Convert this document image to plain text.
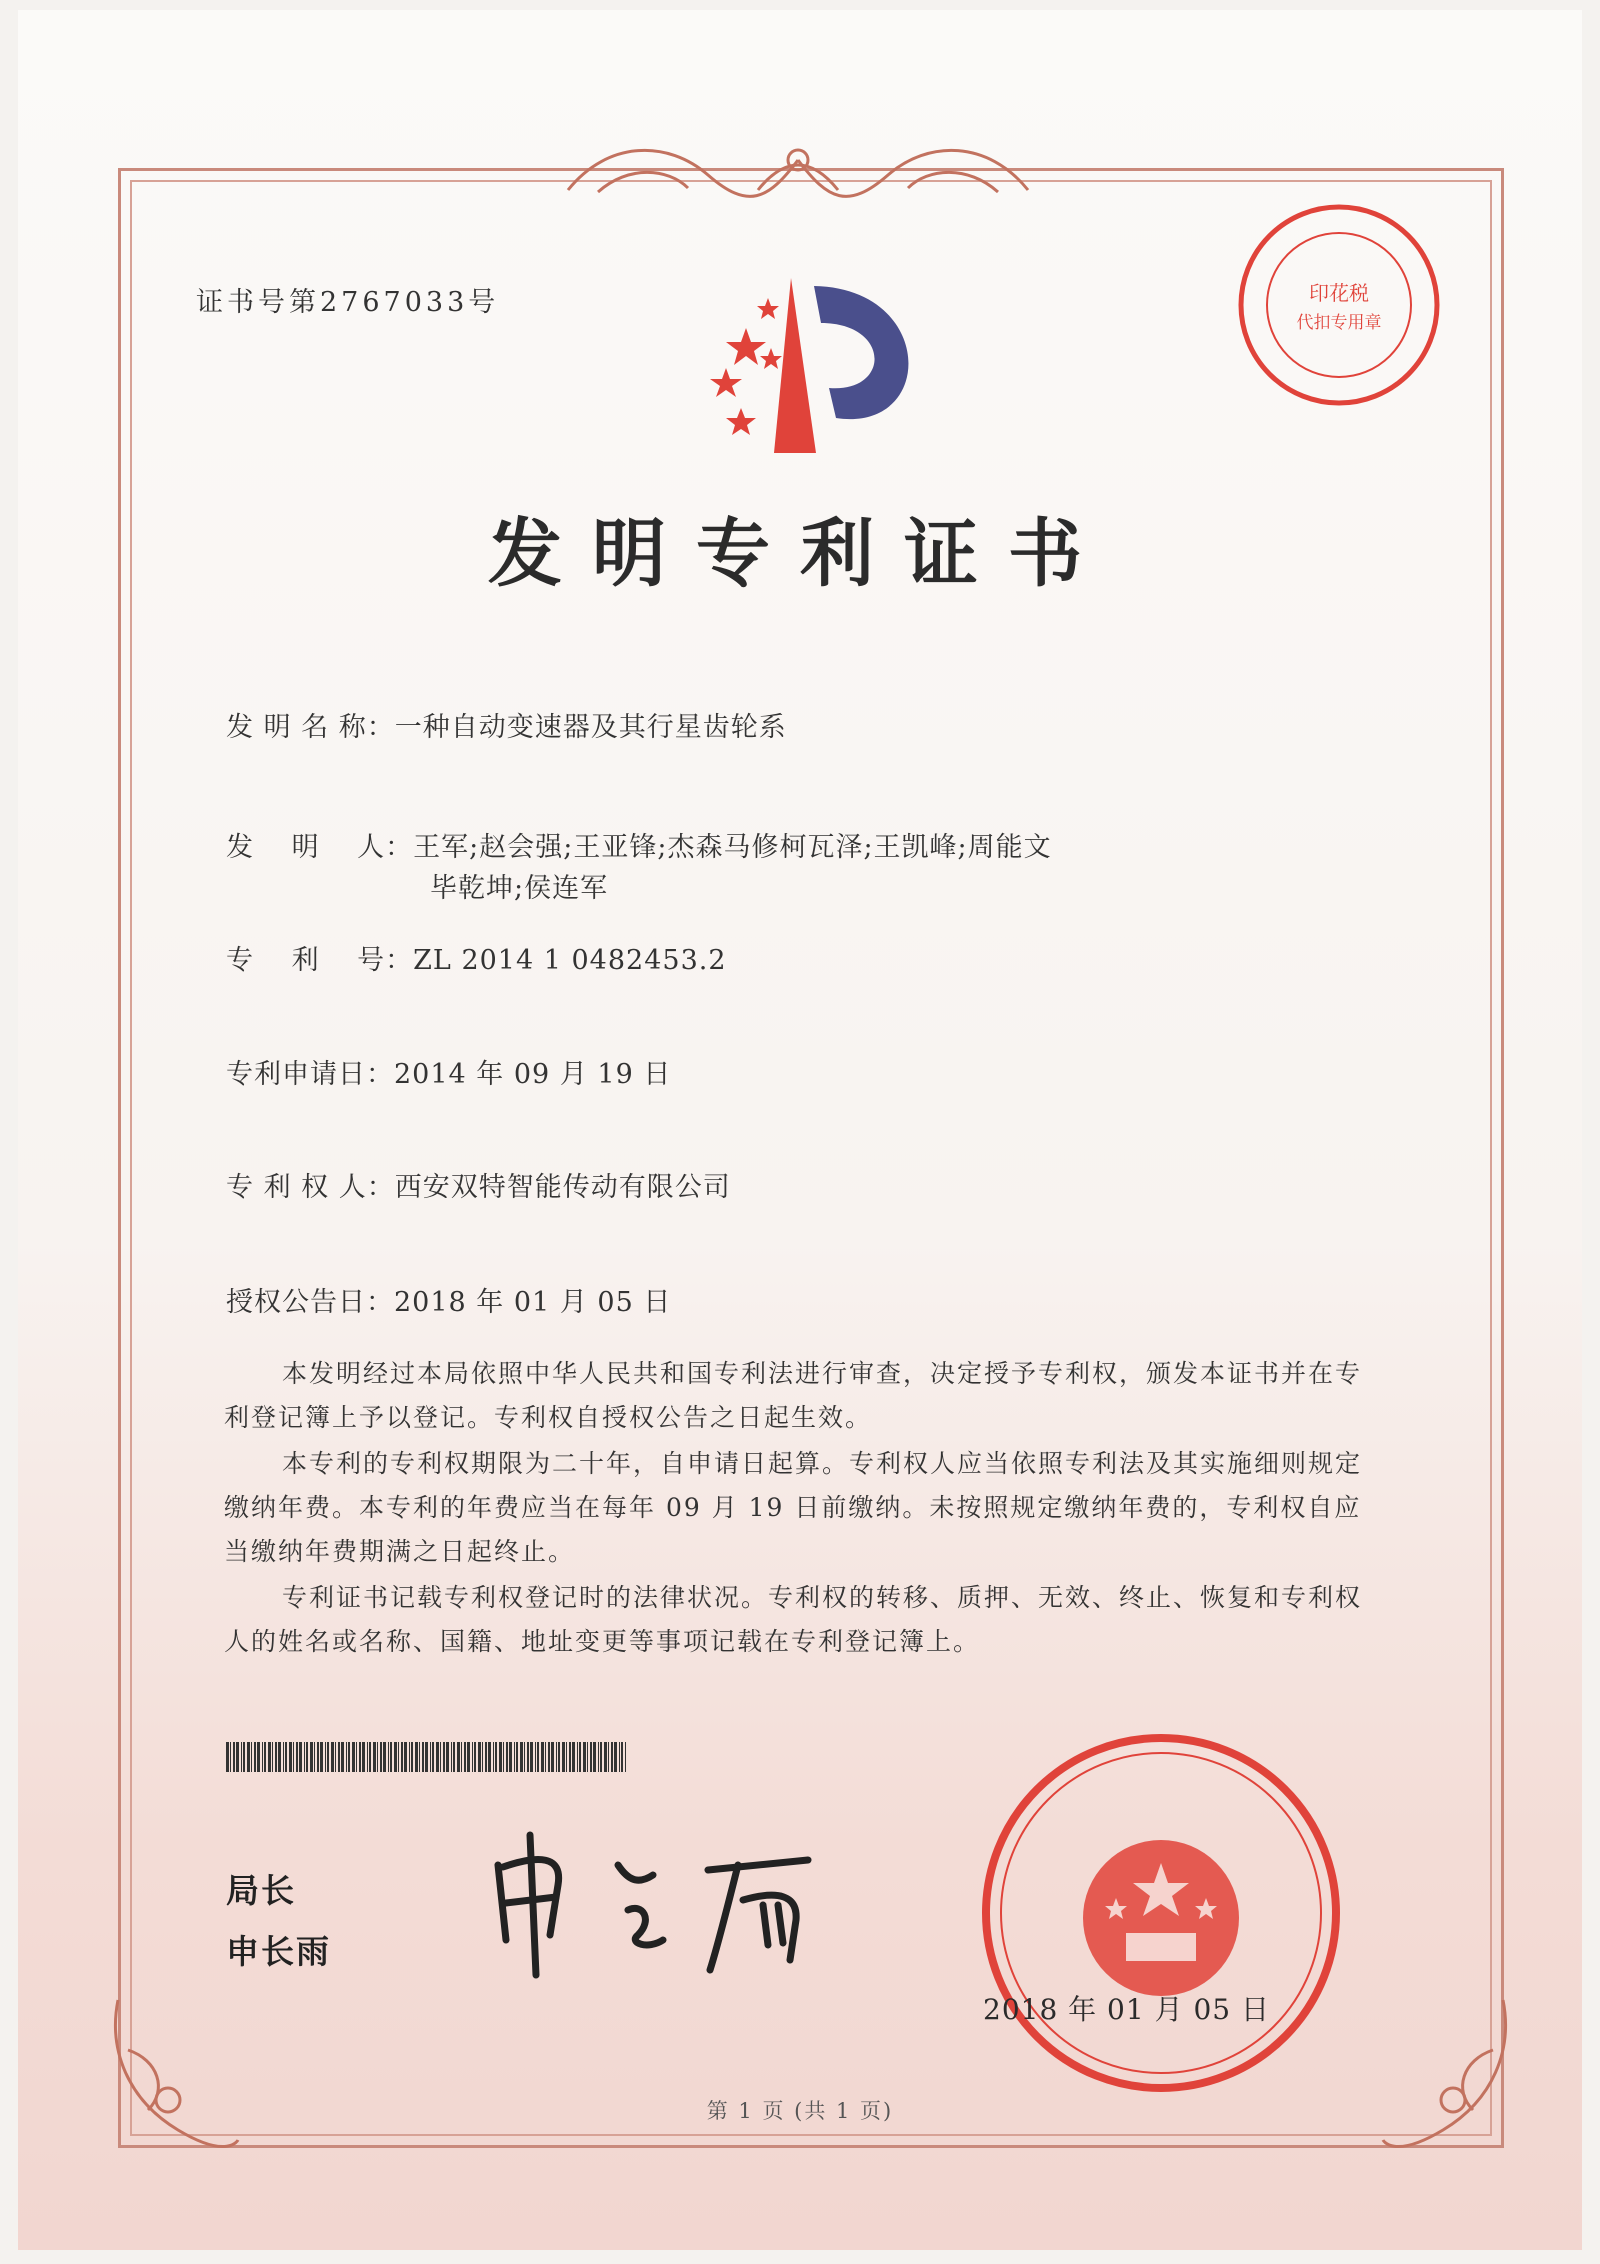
证书号第2767033号	印花税
代扣专用章
发明专利证书
发 明 名 称：一种自动变速器及其行星齿轮系
发　 明　 人：王军;赵会强;王亚锋;杰森马修柯瓦泽;王凯峰;周能文
毕乾坤;侯连军
专　 利　 号：ZL 2014 1 0482453.2
专利申请日：2014 年 09 月 19 日
专 利 权 人：西安双特智能传动有限公司
授权公告日：2018 年 01 月 05 日
本发明经过本局依照中华人民共和国专利法进行审查，决定授予专利权，颁发本证书并在专利登记簿上予以登记。专利权自授权公告之日起生效。
本专利的专利权期限为二十年，自申请日起算。专利权人应当依照专利法及其实施细则规定缴纳年费。本专利的年费应当在每年 09 月 19 日前缴纳。未按照规定缴纳年费的，专利权自应当缴纳年费期满之日起终止。
专利证书记载专利权登记时的法律状况。专利权的转移、质押、无效、终止、恢复和专利权人的姓名或名称、国籍、地址变更等事项记载在专利登记簿上。
局长
申长雨
2018 年 01 月 05 日
第 1 页 (共 1 页)
